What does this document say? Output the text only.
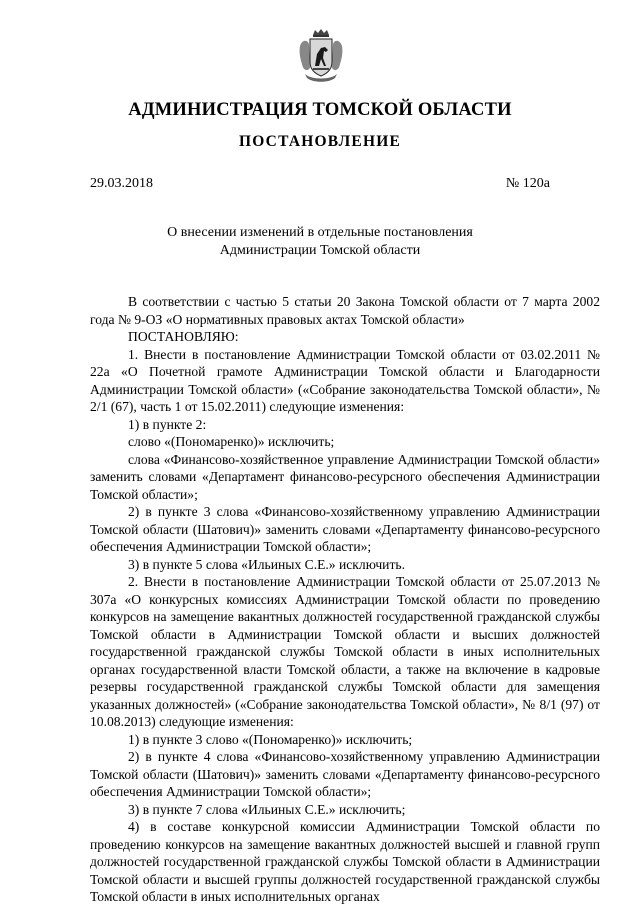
АДМИНИСТРАЦИЯ ТОМСКОЙ ОБЛАСТИ
ПОСТАНОВЛЕНИЕ
29.03.2018	№ 120а
О внесении изменений в отдельные постановления
Администрации Томской области

В соответствии с частью 5 статьи 20 Закона Томской области от 7 марта 2002 года № 9-ОЗ «О нормативных правовых актах Томской области»

ПОСТАНОВЛЯЮ:

1. Внести в постановление Администрации Томской области от 03.02.2011 № 22а «О Почетной грамоте Администрации Томской области и Благодарности Администрации Томской области» («Собрание законодательства Томской области», № 2/1 (67), часть 1 от 15.02.2011) следующие изменения:

1) в пункте 2:

слово «(Пономаренко)» исключить;

слова «Финансово-хозяйственное управление Администрации Томской области» заменить словами «Департамент финансово-ресурсного обеспечения Администрации Томской области»;

2) в пункте 3 слова «Финансово-хозяйственному управлению Администрации Томской области (Шатович)» заменить словами «Департаменту финансово-ресурсного обеспечения Администрации Томской области»;

3) в пункте 5 слова «Ильиных С.Е.» исключить.

2. Внести в постановление Администрации Томской области от 25.07.2013 № 307а «О конкурсных комиссиях Администрации Томской области по проведению конкурсов на замещение вакантных должностей государственной гражданской службы Томской области в Администрации Томской области и высших должностей государственной гражданской службы Томской области в иных исполнительных органах государственной власти Томской области, а также на включение в кадровые резервы государственной гражданской службы Томской области для замещения указанных должностей» («Собрание законодательства Томской области», № 8/1 (97) от 10.08.2013) следующие изменения:

1) в пункте 3 слово «(Пономаренко)» исключить;

2) в пункте 4 слова «Финансово-хозяйственному управлению Администрации Томской области (Шатович)» заменить словами «Департаменту финансово-ресурсного обеспечения Администрации Томской области»;

3) в пункте 7 слова «Ильиных С.Е.» исключить;

4) в составе конкурсной комиссии Администрации Томской области по проведению конкурсов на замещение вакантных должностей высшей и главной групп должностей государственной гражданской службы Томской области в Администрации Томской области и высшей группы должностей государственной гражданской службы Томской области в иных исполнительных органах
